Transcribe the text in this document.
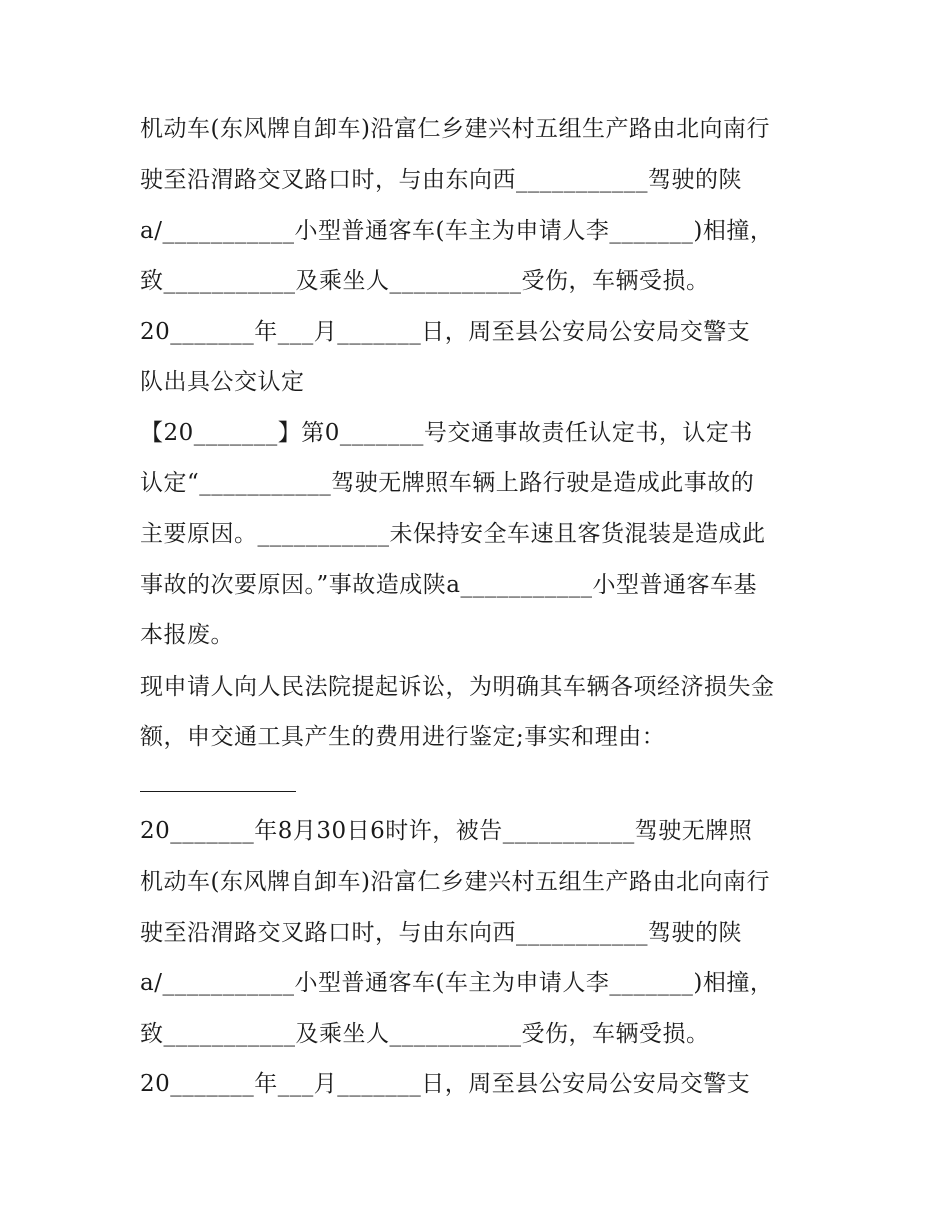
机动车(东风牌自卸车)沿富仁乡建兴村五组生产路由北向南行
驶至沿渭路交叉路口时，与由东向西___________驾驶的陕
a/___________小型普通客车(车主为申请人李_______)相撞，
致___________及乘坐人___________受伤，车辆受损。
20_______年___月_______日，周至县公安局公安局交警支
队出具公交认定
【20_______】第0_______号交通事故责任认定书，认定书
认定“___________驾驶无牌照车辆上路行驶是造成此事故的
主要原因。___________未保持安全车速且客货混装是造成此
事故的次要原因。”事故造成陕a___________小型普通客车基
本报废。
现申请人向人民法院提起诉讼，为明确其车辆各项经济损失金
额，申交通工具产生的费用进行鉴定;事实和理由：
20_______年8月30日6时许，被告___________驾驶无牌照
机动车(东风牌自卸车)沿富仁乡建兴村五组生产路由北向南行
驶至沿渭路交叉路口时，与由东向西___________驾驶的陕
a/___________小型普通客车(车主为申请人李_______)相撞，
致___________及乘坐人___________受伤，车辆受损。
20_______年___月_______日，周至县公安局公安局交警支
